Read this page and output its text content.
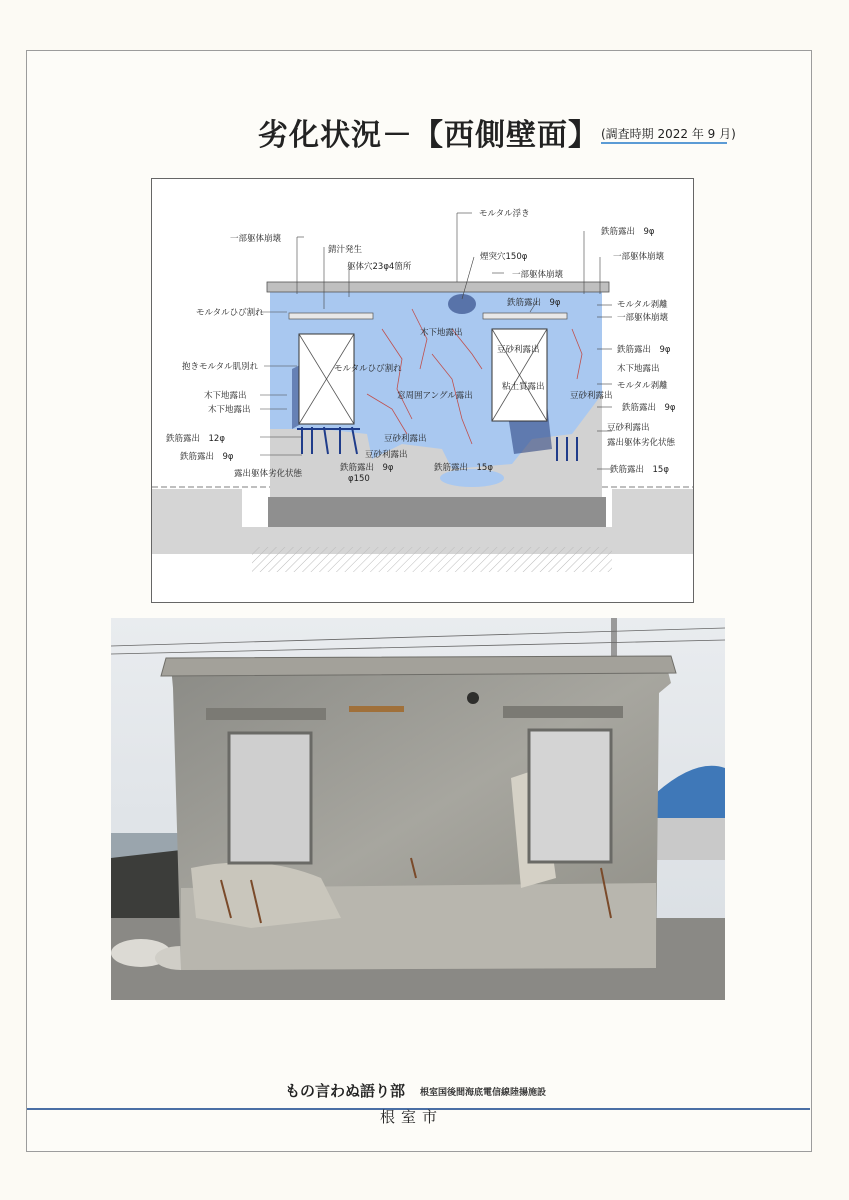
劣化状況－【西側壁面】 (調査時期 2022 年 9 月)
モルタル浮き
一部躯体崩壊
錆汁発生
躯体穴23φ4箇所
煙突穴150φ
一部躯体崩壊
鉄筋露出　9φ
一部躯体崩壊
モルタルひび割れ
鉄筋露出　9φ	モルタル剥離
一部躯体崩壊
木下地露出
豆砂利露出	鉄筋露出　9φ
抱きモルタル肌別れ	モルタルひび割れ	木下地露出
粘土質露出	モルタル剥離
木下地露出	窓周囲アングル露出	豆砂利露出
木下地露出	鉄筋露出　9φ
豆砂利露出
豆砂利露出
鉄筋露出　12φ	露出躯体劣化状態
鉄筋露出　9φ	豆砂利露出
鉄筋露出　9φ	鉄筋露出　15φ	鉄筋露出　15φ
露出躯体劣化状態	φ150
もの言わぬ語り部 根室国後間海底電信線陸揚施設
根室市
